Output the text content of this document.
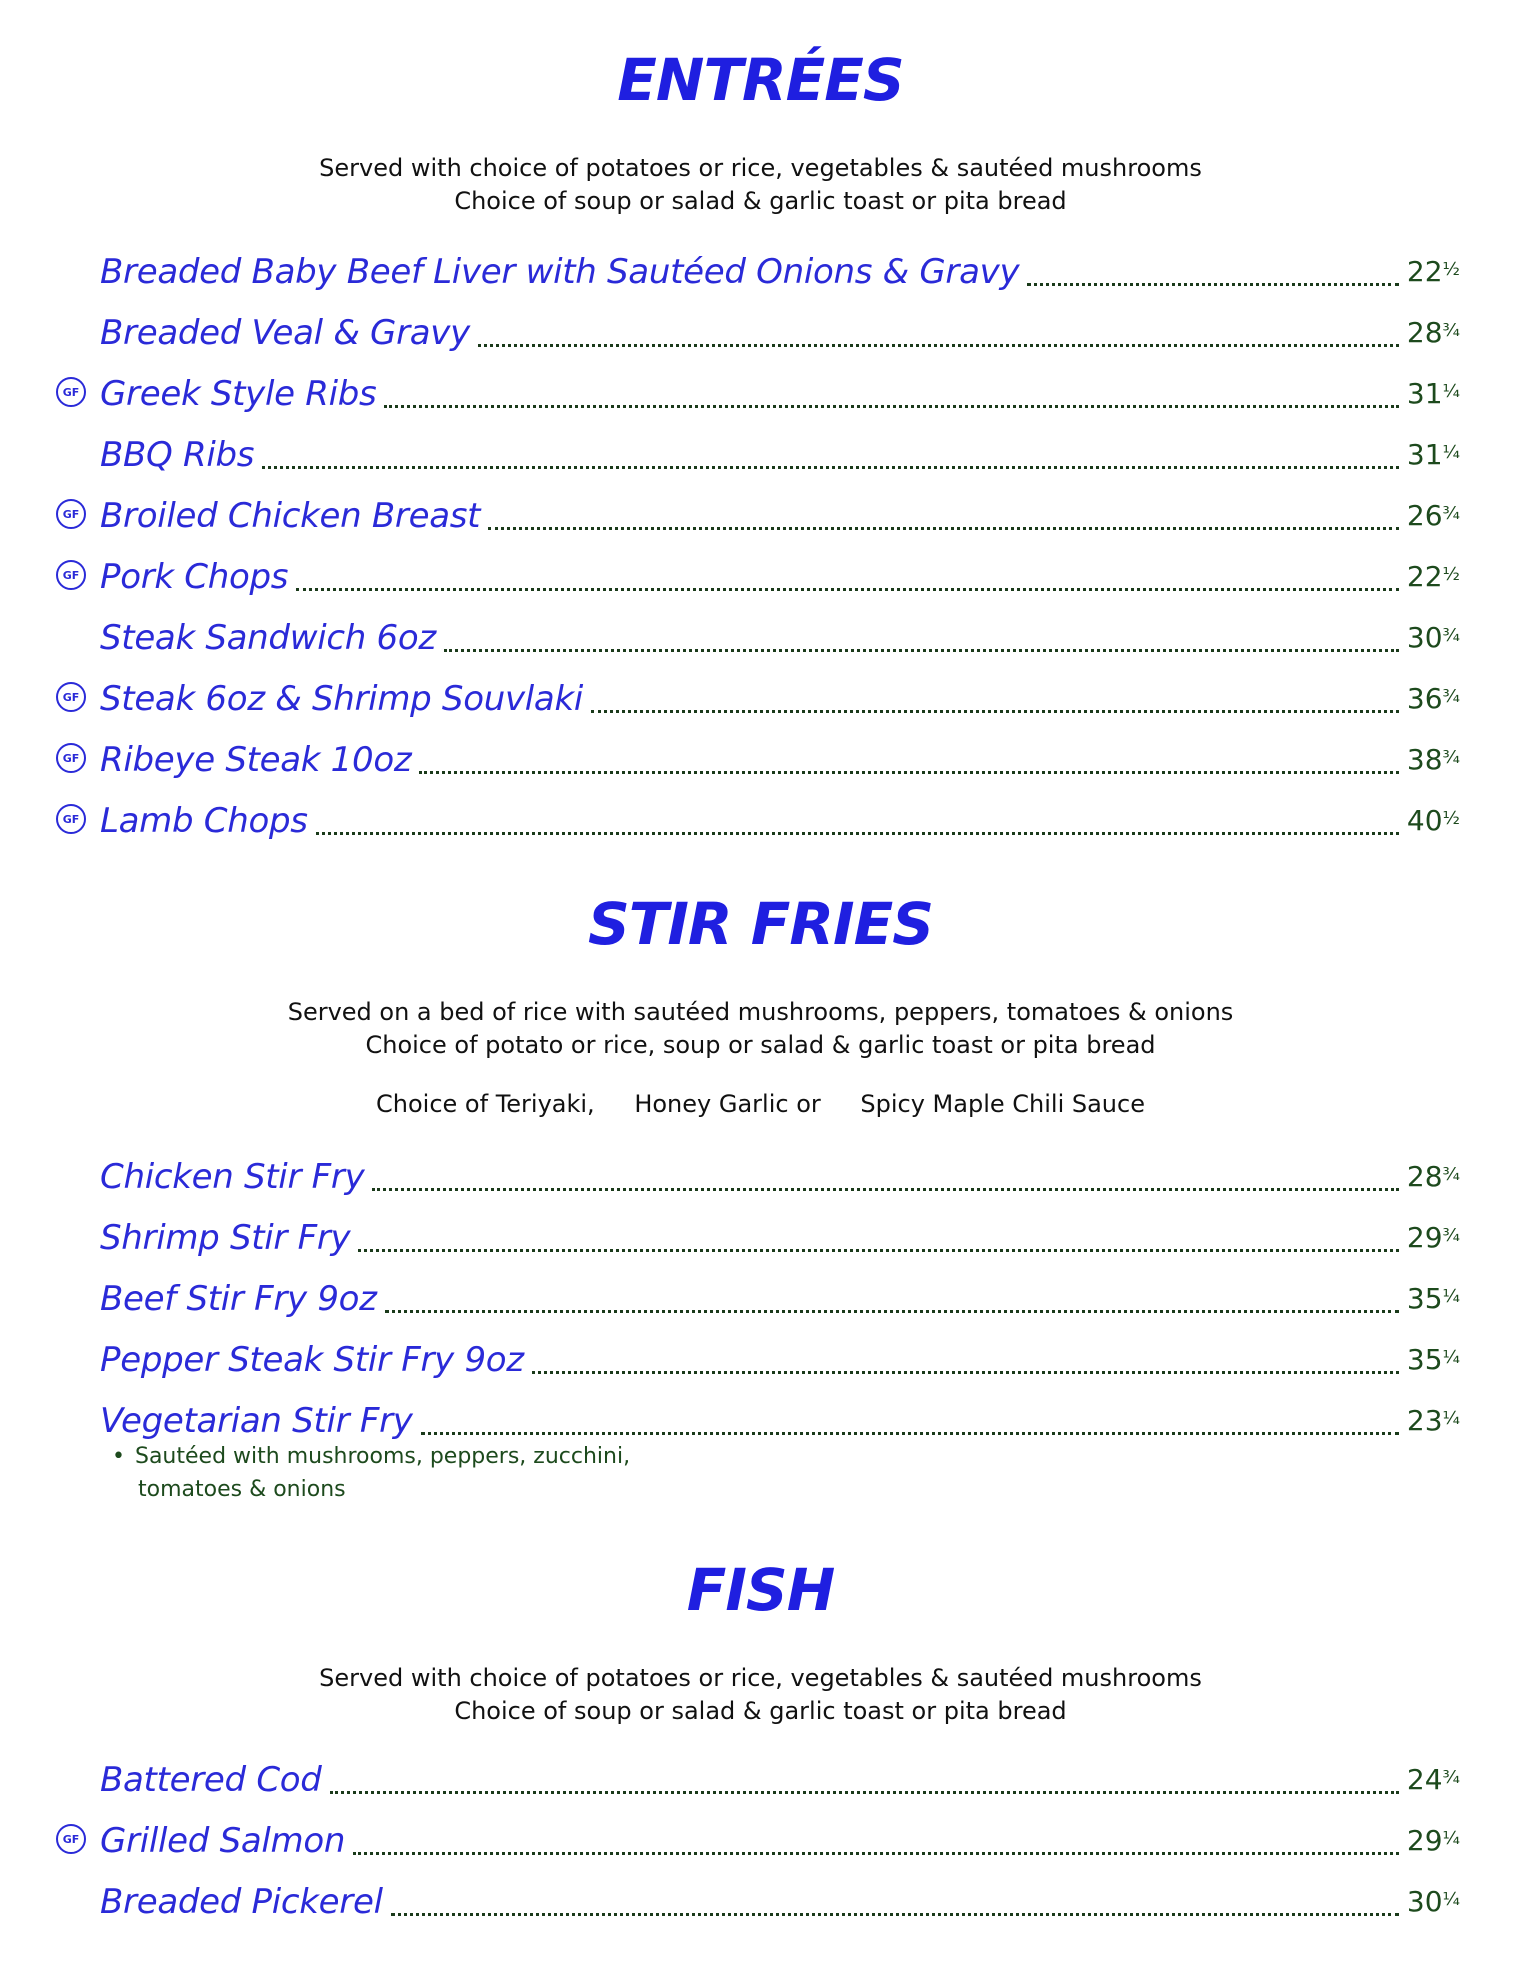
ENTRÉES

Served with choice of potatoes or rice, vegetables & sautéed mushrooms

Choice of soup or salad & garlic toast or pita bread

Breaded Baby Beef Liver with Sautéed Onions & Gravy	$22^{\frac{1}{2}}$
Breaded Veal & Gravy	$28^{\frac{3}{4}}$
GF Greek Style Ribs	$31^{\frac{1}{4}}$
BBQ Ribs	$31^{\frac{1}{4}}$
GF Broiled Chicken Breast	$26^{\frac{3}{4}}$
GF Pork Chops	$22^{\frac{1}{2}}$
Steak Sandwich 6oz	$30^{\frac{3}{4}}$
GF Steak 6oz & Shrimp Souvlaki	$36^{\frac{3}{4}}$
GF Ribeye Steak 10oz	$38^{\frac{3}{4}}$
GF Lamb Chops	$40^{\frac{1}{2}}$
STIR FRIES

Served on a bed of rice with sautéed mushrooms, peppers, tomatoes & onions

Choice of potato or rice, soup or salad & garlic toast or pita bread

Choice of Teriyaki, Honey Garlic or Spicy Maple Chili Sauce
Chicken Stir Fry	$28^{\frac{3}{4}}$
Shrimp Stir Fry	$29^{\frac{3}{4}}$
Beef Stir Fry 9oz	$35^{\frac{1}{4}}$
Pepper Steak Stir Fry 9oz	$35^{\frac{1}{4}}$
Vegetarian Stir Fry	$23^{\frac{1}{4}}$
• Sautéed with mushrooms, peppers, zucchini,
tomatoes & onions
FISH

Served with choice of potatoes or rice, vegetables & sautéed mushrooms

Choice of soup or salad & garlic toast or pita bread

Battered Cod	$24^{\frac{3}{4}}$
GF Grilled Salmon	$29^{\frac{1}{4}}$
Breaded Pickerel	$30^{\frac{1}{4}}$
